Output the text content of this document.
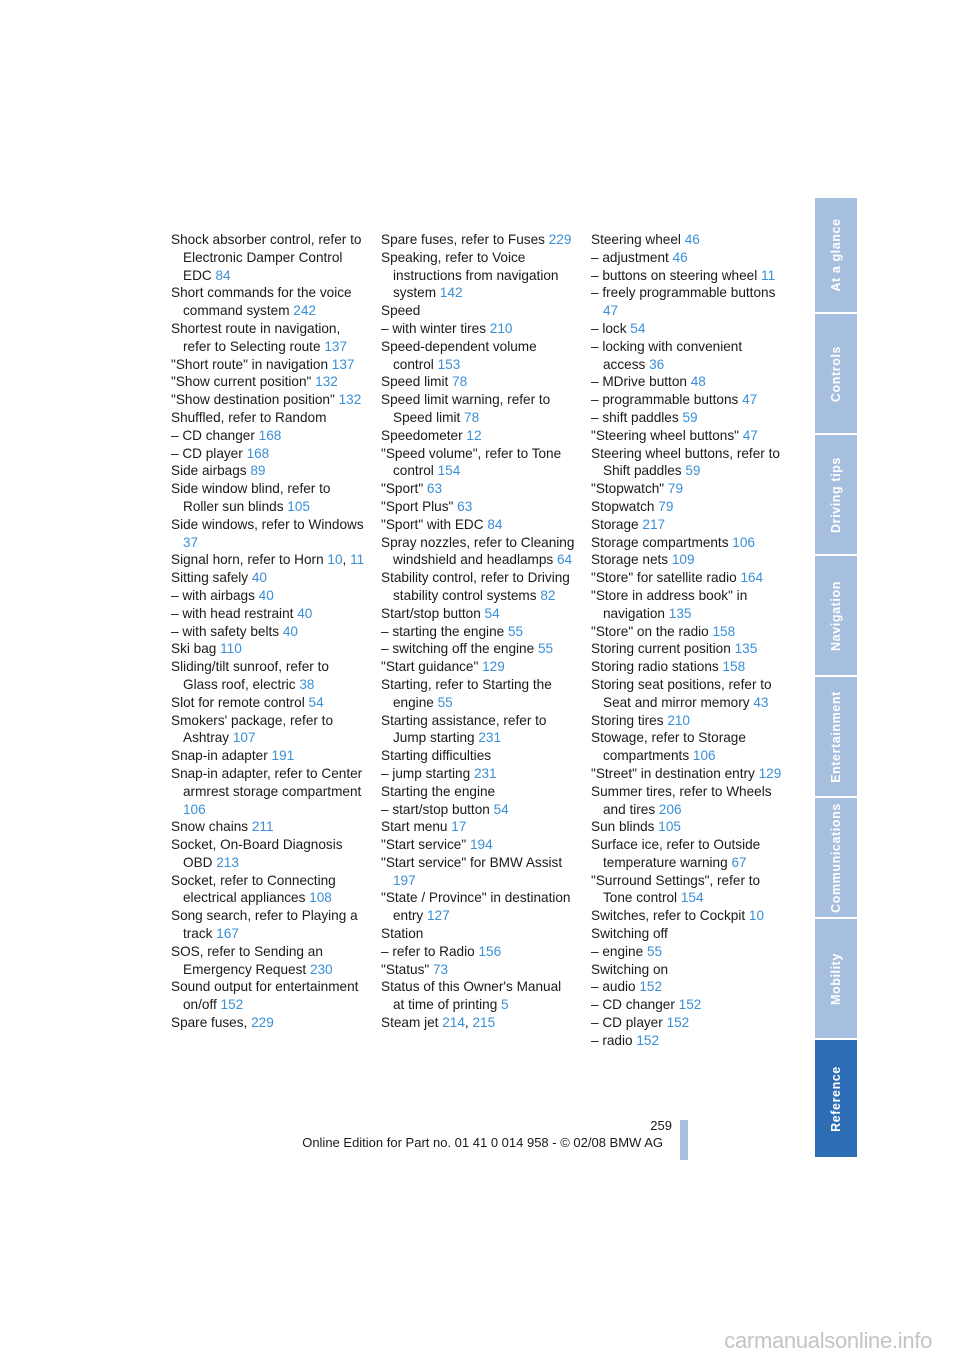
Shock absorber control, refer to Electronic Damper Control EDC 84
Short commands for the voice command system 242
Shortest route in navigation, refer to Selecting route 137
"Short route" in navigation 137
"Show current position" 132
"Show destination position" 132
Shuffled, refer to Random
– CD changer 168
– CD player 168
Side airbags 89
Side window blind, refer to Roller sun blinds 105
Side windows, refer to Windows 37
Signal horn, refer to Horn 10, 11
Sitting safely 40
– with airbags 40
– with head restraint 40
– with safety belts 40
Ski bag 110
Sliding/tilt sunroof, refer to Glass roof, electric 38
Slot for remote control 54
Smokers' package, refer to Ashtray 107
Snap-in adapter 191
Snap-in adapter, refer to Center armrest storage compartment 106
Snow chains 211
Socket, On-Board Diagnosis OBD 213
Socket, refer to Connecting electrical appliances 108
Song search, refer to Playing a track 167
SOS, refer to Sending an Emergency Request 230
Sound output for entertainment on/off 152
Spare fuses, 229
Spare fuses, refer to Fuses 229
Speaking, refer to Voice instructions from navigation system 142
Speed
– with winter tires 210
Speed-dependent volume control 153
Speed limit 78
Speed limit warning, refer to Speed limit 78
Speedometer 12
"Speed volume", refer to Tone control 154
"Sport" 63
"Sport Plus" 63
"Sport" with EDC 84
Spray nozzles, refer to Cleaning windshield and headlamps 64
Stability control, refer to Driving stability control systems 82
Start/stop button 54
– starting the engine 55
– switching off the engine 55
"Start guidance" 129
Starting, refer to Starting the engine 55
Starting assistance, refer to Jump starting 231
Starting difficulties
– jump starting 231
Starting the engine
– start/stop button 54
Start menu 17
"Start service" 194
"Start service" for BMW Assist 197
"State / Province" in destination entry 127
Station
– refer to Radio 156
"Status" 73
Status of this Owner's Manual at time of printing 5
Steam jet 214, 215
Steering wheel 46
– adjustment 46
– buttons on steering wheel 11
– freely programmable buttons 47
– lock 54
– locking with convenient access 36
– MDrive button 48
– programmable buttons 47
– shift paddles 59
"Steering wheel buttons" 47
Steering wheel buttons, refer to Shift paddles 59
"Stopwatch" 79
Stopwatch 79
Storage 217
Storage compartments 106
Storage nets 109
"Store" for satellite radio 164
"Store in address book" in navigation 135
"Store" on the radio 158
Storing current position 135
Storing radio stations 158
Storing seat positions, refer to Seat and mirror memory 43
Storing tires 210
Stowage, refer to Storage compartments 106
"Street" in destination entry 129
Summer tires, refer to Wheels and tires 206
Sun blinds 105
Surface ice, refer to Outside temperature warning 67
"Surround Settings", refer to Tone control 154
Switches, refer to Cockpit 10
Switching off
– engine 55
Switching on
– audio 152
– CD changer 152
– CD player 152
– radio 152
At a glance
Controls
Driving tips
Navigation
Entertainment
Communications
Mobility
Reference
259
Online Edition for Part no. 01 41 0 014 958 - © 02/08 BMW AG
carmanualsonline.info
